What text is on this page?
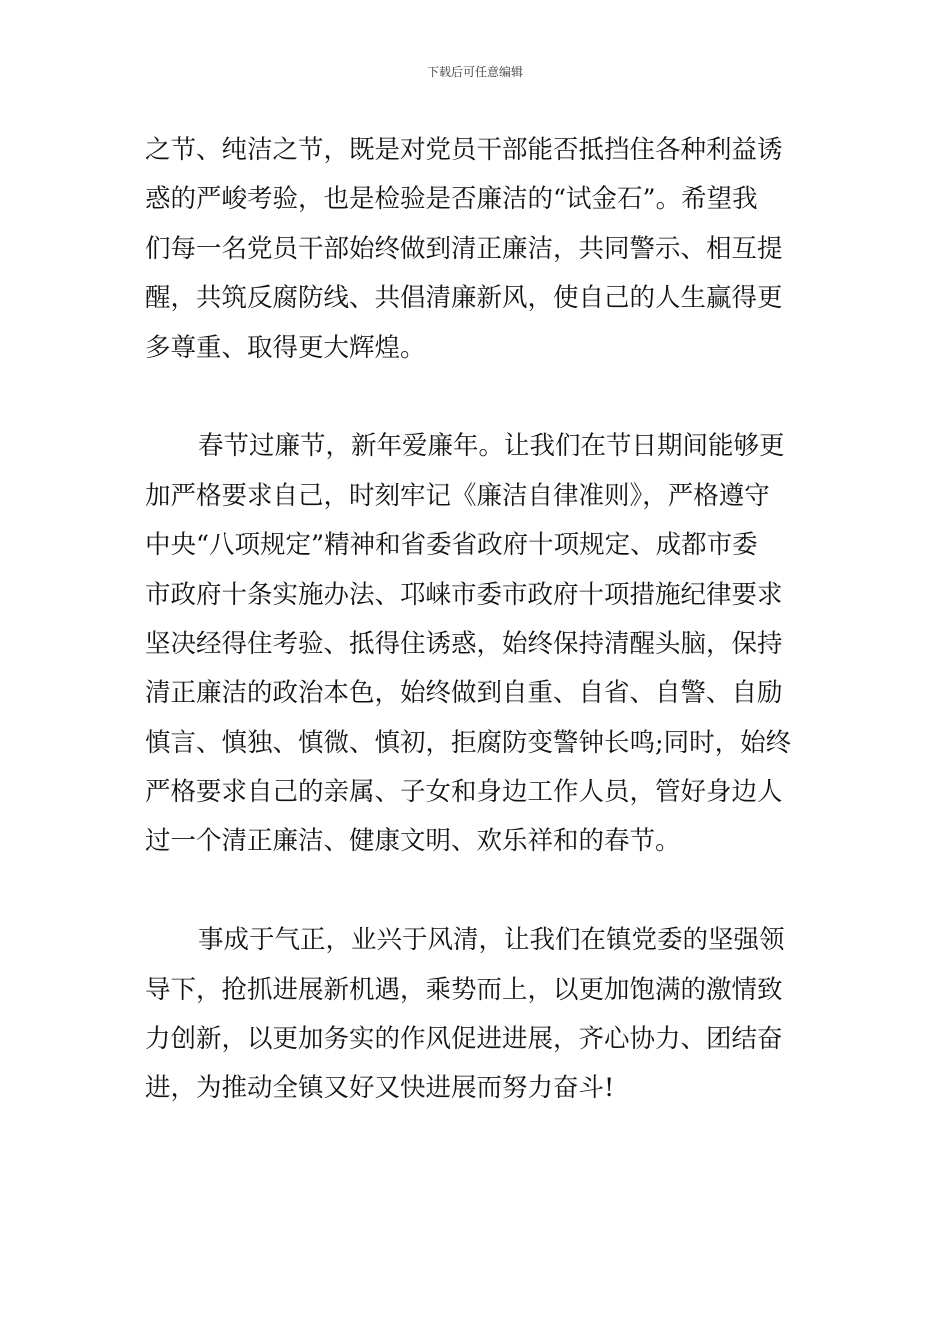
下载后可任意编辑
之节、纯洁之节，既是对党员干部能否抵挡住各种利益诱
惑的严峻考验，也是检验是否廉洁的“试金石”。希望我
们每一名党员干部始终做到清正廉洁，共同警示、相互提
醒，共筑反腐防线、共倡清廉新风，使自己的人生赢得更
多尊重、取得更大辉煌。
春节过廉节，新年爱廉年。让我们在节日期间能够更
加严格要求自己，时刻牢记《廉洁自律准则》，严格遵守
中央“八项规定”精神和省委省政府十项规定、成都市委
市政府十条实施办法、邛崃市委市政府十项措施纪律要求
坚决经得住考验、抵得住诱惑，始终保持清醒头脑，保持
清正廉洁的政治本色，始终做到自重、自省、自警、自励
慎言、慎独、慎微、慎初，拒腐防变警钟长鸣;同时，始终
严格要求自己的亲属、子女和身边工作人员，管好身边人
过一个清正廉洁、健康文明、欢乐祥和的春节。
事成于气正，业兴于风清，让我们在镇党委的坚强领
导下，抢抓进展新机遇，乘势而上，以更加饱满的激情致
力创新，以更加务实的作风促进进展，齐心协力、团结奋
进，为推动全镇又好又快进展而努力奋斗!
